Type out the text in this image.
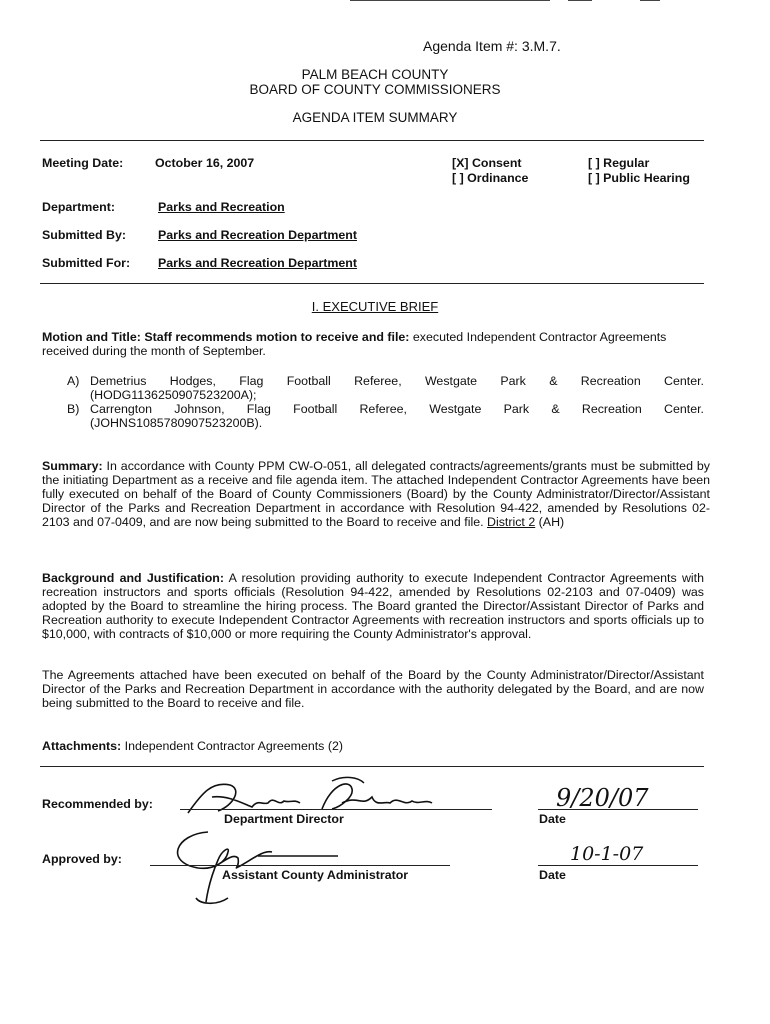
Agenda Item #: 3.M.7.
PALM BEACH COUNTY
BOARD OF COUNTY COMMISSIONERS
AGENDA ITEM SUMMARY
Meeting Date:	October 16, 2007	[X] Consent
[ ] Ordinance
[ ] Regular
[ ] Public Hearing
Department:	Parks and Recreation
Submitted By:	Parks and Recreation Department
Submitted For: Parks and Recreation Department
I. EXECUTIVE BRIEF
Motion and Title: Staff recommends motion to receive and file: executed Independent Contractor Agreements received during the month of September.
A) Demetrius Hodges, Flag Football Referee, Westgate Park & Recreation Center.
(HODG1136250907523200A);
B) Carrengton Johnson, Flag Football Referee, Westgate Park & Recreation Center.
(JOHNS1085780907523200B).
Summary: In accordance with County PPM CW-O-051, all delegated contracts/agreements/grants must be submitted by the initiating Department as a receive and file agenda item. The attached Independent Contractor Agreements have been fully executed on behalf of the Board of County Commissioners (Board) by the County Administrator/Director/Assistant Director of the Parks and Recreation Department in accordance with Resolution 94-422, amended by Resolutions 02-2103 and 07-0409, and are now being submitted to the Board to receive and file. District 2 (AH)
Background and Justification: A resolution providing authority to execute Independent Contractor Agreements with recreation instructors and sports officials (Resolution 94-422, amended by Resolutions 02-2103 and 07-0409) was adopted by the Board to streamline the hiring process. The Board granted the Director/Assistant Director of Parks and Recreation authority to execute Independent Contractor Agreements with recreation instructors and sports officials up to $10,000, with contracts of $10,000 or more requiring the County Administrator's approval.
The Agreements attached have been executed on behalf of the Board by the County Administrator/Director/Assistant Director of the Parks and Recreation Department in accordance with the authority delegated by the Board, and are now being submitted to the Board to receive and file.
Attachments: Independent Contractor Agreements (2)
Recommended by:
Department Director
9/20/07
Date
Approved by:
Assistant County Administrator
10-1-07
Date
